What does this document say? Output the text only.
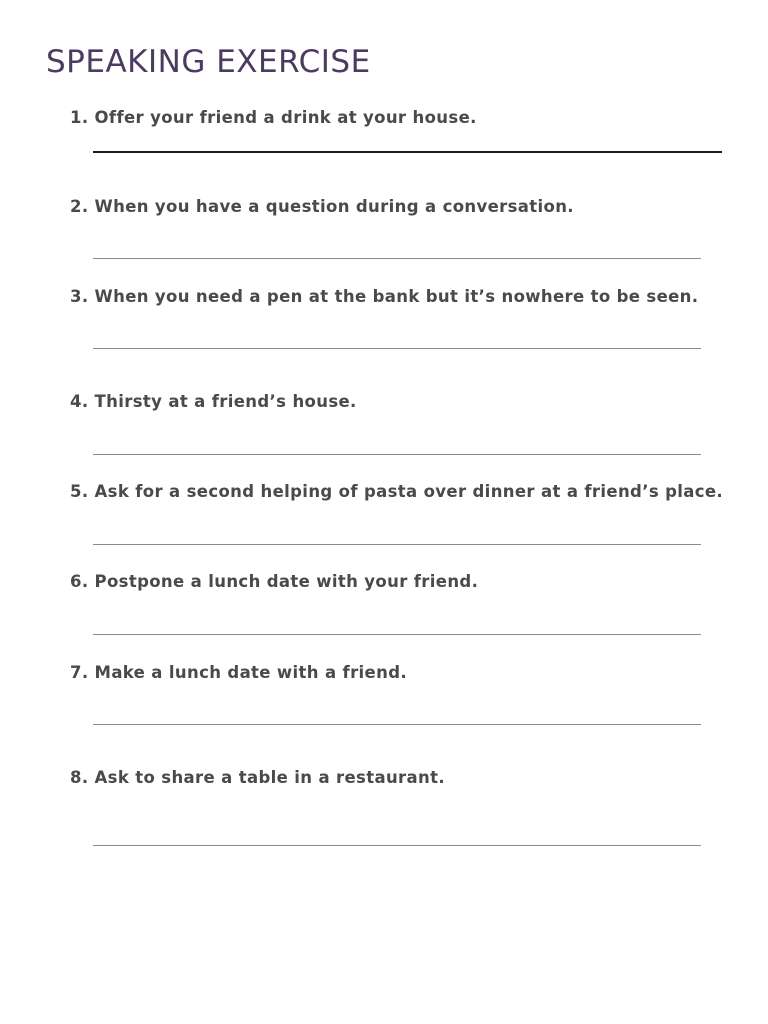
SPEAKING EXERCISE

1. Offer your friend a drink at your house.

2. When you have a question during a conversation.

3. When you need a pen at the bank but it’s nowhere to be seen.

4. Thirsty at a friend’s house.

5. Ask for a second helping of pasta over dinner at a friend’s place.

6. Postpone a lunch date with your friend.

7. Make a lunch date with a friend.

8. Ask to share a table in a restaurant.
